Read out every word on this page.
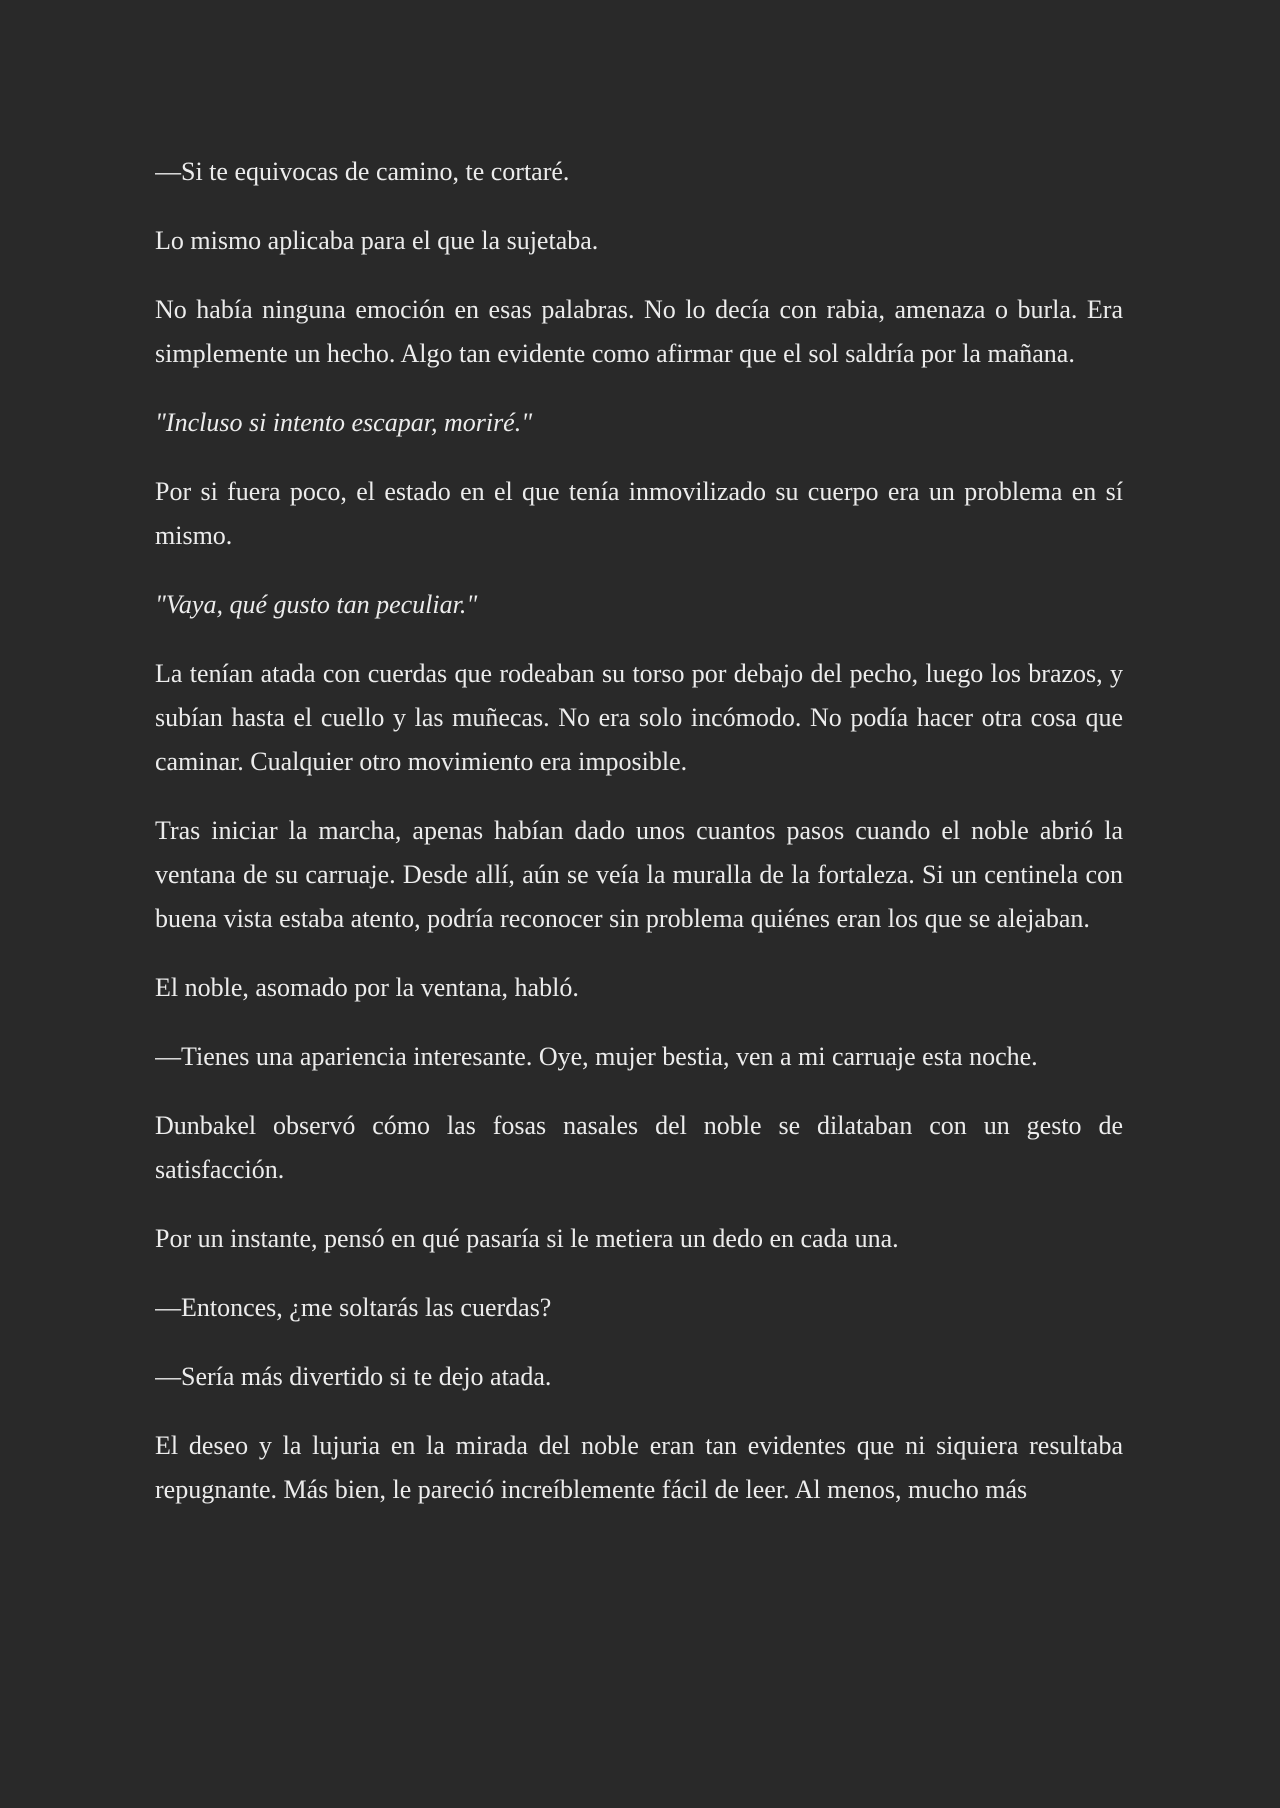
—Si te equivocas de camino, te cortaré.

Lo mismo aplicaba para el que la sujetaba.

No había ninguna emoción en esas palabras. No lo decía con rabia, amenaza o burla. Era simplemente un hecho. Algo tan evidente como afirmar que el sol saldría por la mañana.

"Incluso si intento escapar, moriré."

Por si fuera poco, el estado en el que tenía inmovilizado su cuerpo era un problema en sí mismo.

"Vaya, qué gusto tan peculiar."

La tenían atada con cuerdas que rodeaban su torso por debajo del pecho, luego los brazos, y subían hasta el cuello y las muñecas. No era solo incómodo. No podía hacer otra cosa que caminar. Cualquier otro movimiento era imposible.

Tras iniciar la marcha, apenas habían dado unos cuantos pasos cuando el noble abrió la ventana de su carruaje. Desde allí, aún se veía la muralla de la fortaleza. Si un centinela con buena vista estaba atento, podría reconocer sin problema quiénes eran los que se alejaban.

El noble, asomado por la ventana, habló.

—Tienes una apariencia interesante. Oye, mujer bestia, ven a mi carruaje esta noche.

Dunbakel observó cómo las fosas nasales del noble se dilataban con un gesto de satisfacción.

Por un instante, pensó en qué pasaría si le metiera un dedo en cada una.

—Entonces, ¿me soltarás las cuerdas?

—Sería más divertido si te dejo atada.

El deseo y la lujuria en la mirada del noble eran tan evidentes que ni siquiera resultaba repugnante. Más bien, le pareció increíblemente fácil de leer. Al menos, mucho más
